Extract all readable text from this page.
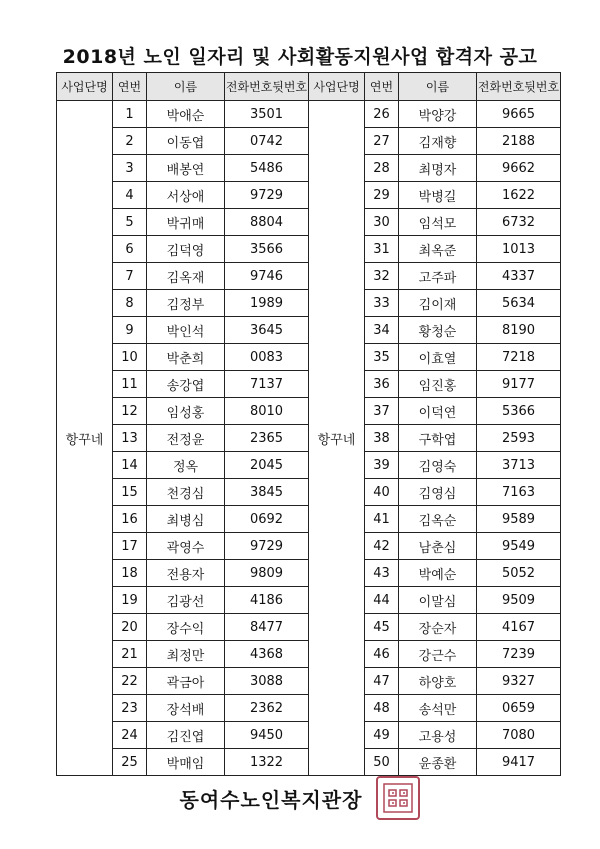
2018년 노인 일자리 및 사회활동지원사업 합격자 공고
사업단명	연번	이름	전화번호뒷번호	사업단명	연번	이름	전화번호뒷번호
항꾸네	1	박애순	3501	항꾸네	26	박양강	9665
	2	이동엽	0742		27	김재향	2188
	3	배봉연	5486		28	최명자	9662
	4	서상애	9729		29	박병길	1622
	5	박귀매	8804		30	임석모	6732
	6	김덕영	3566		31	최옥준	1013
	7	김옥재	9746		32	고주파	4337
	8	김정부	1989		33	김이재	5634
	9	박인석	3645		34	황청순	8190
	10	박춘희	0083		35	이효열	7218
	11	송강엽	7137		36	임진홍	9177
	12	임성홍	8010		37	이덕연	5366
	13	전정윤	2365		38	구학엽	2593
	14	정옥	2045		39	김영숙	3713
	15	천경심	3845		40	김영심	7163
	16	최병심	0692		41	김옥순	9589
	17	곽영수	9729		42	남춘심	9549
	18	전용자	9809		43	박예순	5052
	19	김광선	4186		44	이말심	9509
	20	장수익	8477		45	장순자	4167
	21	최정만	4368		46	강근수	7239
	22	곽금아	3088		47	하양호	9327
	23	장석배	2362		48	송석만	0659
	24	김진엽	9450		49	고용성	7080
	25	박매임	1322		50	윤종환	9417
동여수노인복지관장
